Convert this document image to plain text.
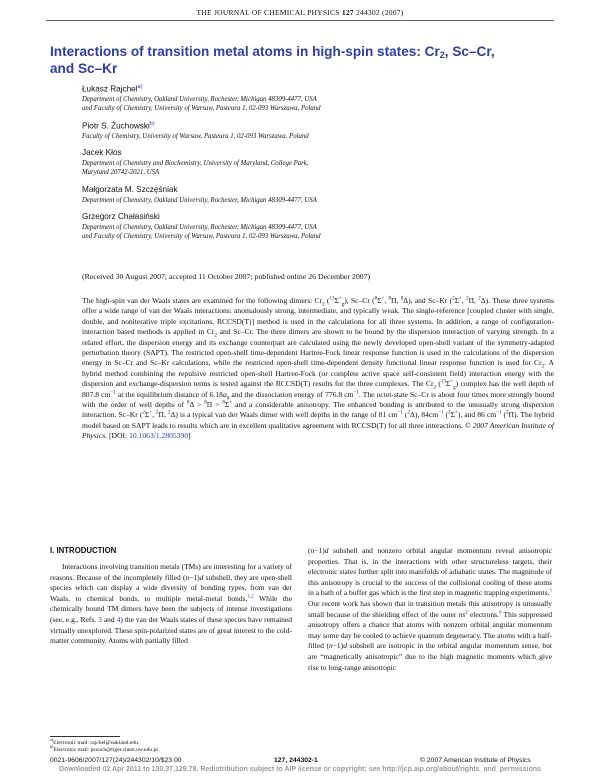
THE JOURNAL OF CHEMICAL PHYSICS 127 244302 (2007)
Interactions of transition metal atoms in high-spin states: $Cr_2$, Sc–Cr,
and Sc–Kr
Łukasz Rajchel$^{a)}$
Department of Chemistry, Oakland University, Rochester, Michigan 48309-4477, USA
and Faculty of Chemistry, University of Warsaw, Pasteura 1, 02-093 Warszawa, Poland
Piotr S. Żuchowski$^{b)}$
Faculty of Chemistry, University of Warsaw, Pasteura 1, 02-093 Warszawa, Poland
Jacek Kłos
Department of Chemistry and Biochemistry, University of Maryland, College Park,
Maryland 20742-2021, USA
Małgorzata M. Szczęśniak
Department of Chemistry, Oakland University, Rochester, Michigan 48309-4477, USA
Grzegorz Chałasiński
Department of Chemistry, Oakland University, Rochester, Michigan 48309-4477, USA
and Faculty of Chemistry, University of Warsaw, Pasteura 1, 02-093 Warszawa, Poland
(Received 30 August 2007; accepted 11 October 2007; published online 26 December 2007)

The high-spin van der Waals states are examined for the following dimers: $Cr_2$ $(^{13}\Sigma^+_g)$, Sc–Cr ($^8$Σ+, $^8$Π, $^8$Δ), and Sc–Kr ($^2$Σ+, $^2$Π, $^2$Δ). These three systems offer a wide range of van der Waals interactions: anomalously strong, intermediate, and typically weak. The single-reference [coupled cluster with single, double, and noniterative triple excitations, RCCSD(T)] method is used in the calculations for all three systems. In addition, a range of configuration-interaction based methods is applied in $Cr_2$ and Sc–Cr. The three dimers are shown to be bound by the dispersion interaction of varying strength. In a related effort, the dispersion energy and its exchange counterpart are calculated using the newly developed open-shell variant of the symmetry-adapted perturbation theory (SAPT). The restricted open-shell time-dependent Hartree-Fock linear response function is used in the calculations of the dispersion energy in Sc–Cr and Sc–Kr calculations, while the restricted open-shell time-dependent density functional linear response function is used for $Cr_2$. A hybrid method combining the repulsive restricted open-shell Hartree-Fock (or complete active space self-consistent field) interaction energy with the dispersion and exchange-dispersion terms is tested against the RCCSD(T) results for the three complexes. The $Cr_2$ $(^{13}\Sigma^+_g)$ complex has the well depth of 807.8 $cm^{-1}$ at the equilibrium distance of $6.18a_0$ and the dissociation energy of 776.8 $cm^{-1}$. The octet-state Sc–Cr is about four times more strongly bound with the order of well depths of $^8$Δ > $^8$Π > $^8$Σ+ and a considerable anisotropy. The enhanced bonding is attributed to the unusually strong dispersion interaction. Sc–Kr ($^2$Σ+, $^2$Π, $^2$Δ) is a typical van der Waals dimer with well depths in the range of 81 $cm^{-1}$ ($^2$Δ), $84cm^{-1}$ ($^2$Σ+), and 86 $cm^{-1}$ ($^2$Π). The hybrid model based on SAPT leads to results which are in excellent qualitative agreement with RCCSD(T) for all three interactions. © 2007 American Institute of Physics. [DOI: 10.1063/1.2805390]

I. INTRODUCTION

Interactions involving transition metals (TMs) are interesting for a variety of reasons. Because of the incompletely filled (n−1)d subshell, they are open-shell species which can display a wide diversity of bonding types, from van der Waals, to chemical bonds, to multiple metal-metal bonds.$^{1,2}$ While the chemically bound TM dimers have been the subjects of intense investigations (see, e.g., Refs. 3 and 4) the van der Waals states of these species have remained virtually unexplored. These spin-polarized states are of great interest to the cold-matter community. Atoms with partially filled

(n−1)d subshell and nonzero orbital angular momentum reveal anisotropic properties. That is, in the interactions with other structureless targets, their electronic states further split into manifolds of adiabatic states. The magnitude of this anisotropy is crucial to the success of the collisional cooling of these atoms in a bath of a buffer gas which is the first step in magnetic trapping experiments.$^5$ Our recent work has shown that in transition metals this anisotropy is unusually small because of the shielding effect of the outer $ns^2$ electrons.$^6$ This suppressed anisotropy offers a chance that atoms with nonzero orbital angular momentum may some day be cooled to achieve quantum degeneracy. The atoms with a half-filled (n−1)d subshell are isotropic in the orbital angular momentum sense, but are “magnetically anisotropic” due to the high magnetic moments which give rise to long-range anisotropic

$^{a)}$Electronic mail: rajchel@oakland.edu.
$^{b)}$Electronic mail: pszuch@tiger.chem.uw.edu.pl.
0021-9606/2007/127(24)/244302/10/$23.00	127, 244302-1	© 2007 American Institute of Physics
Downloaded 02 Apr 2011 to 130.37.129.78. Redistribution subject to AIP license or copyright; see http://jcp.aip.org/about/rights_and_permissions
